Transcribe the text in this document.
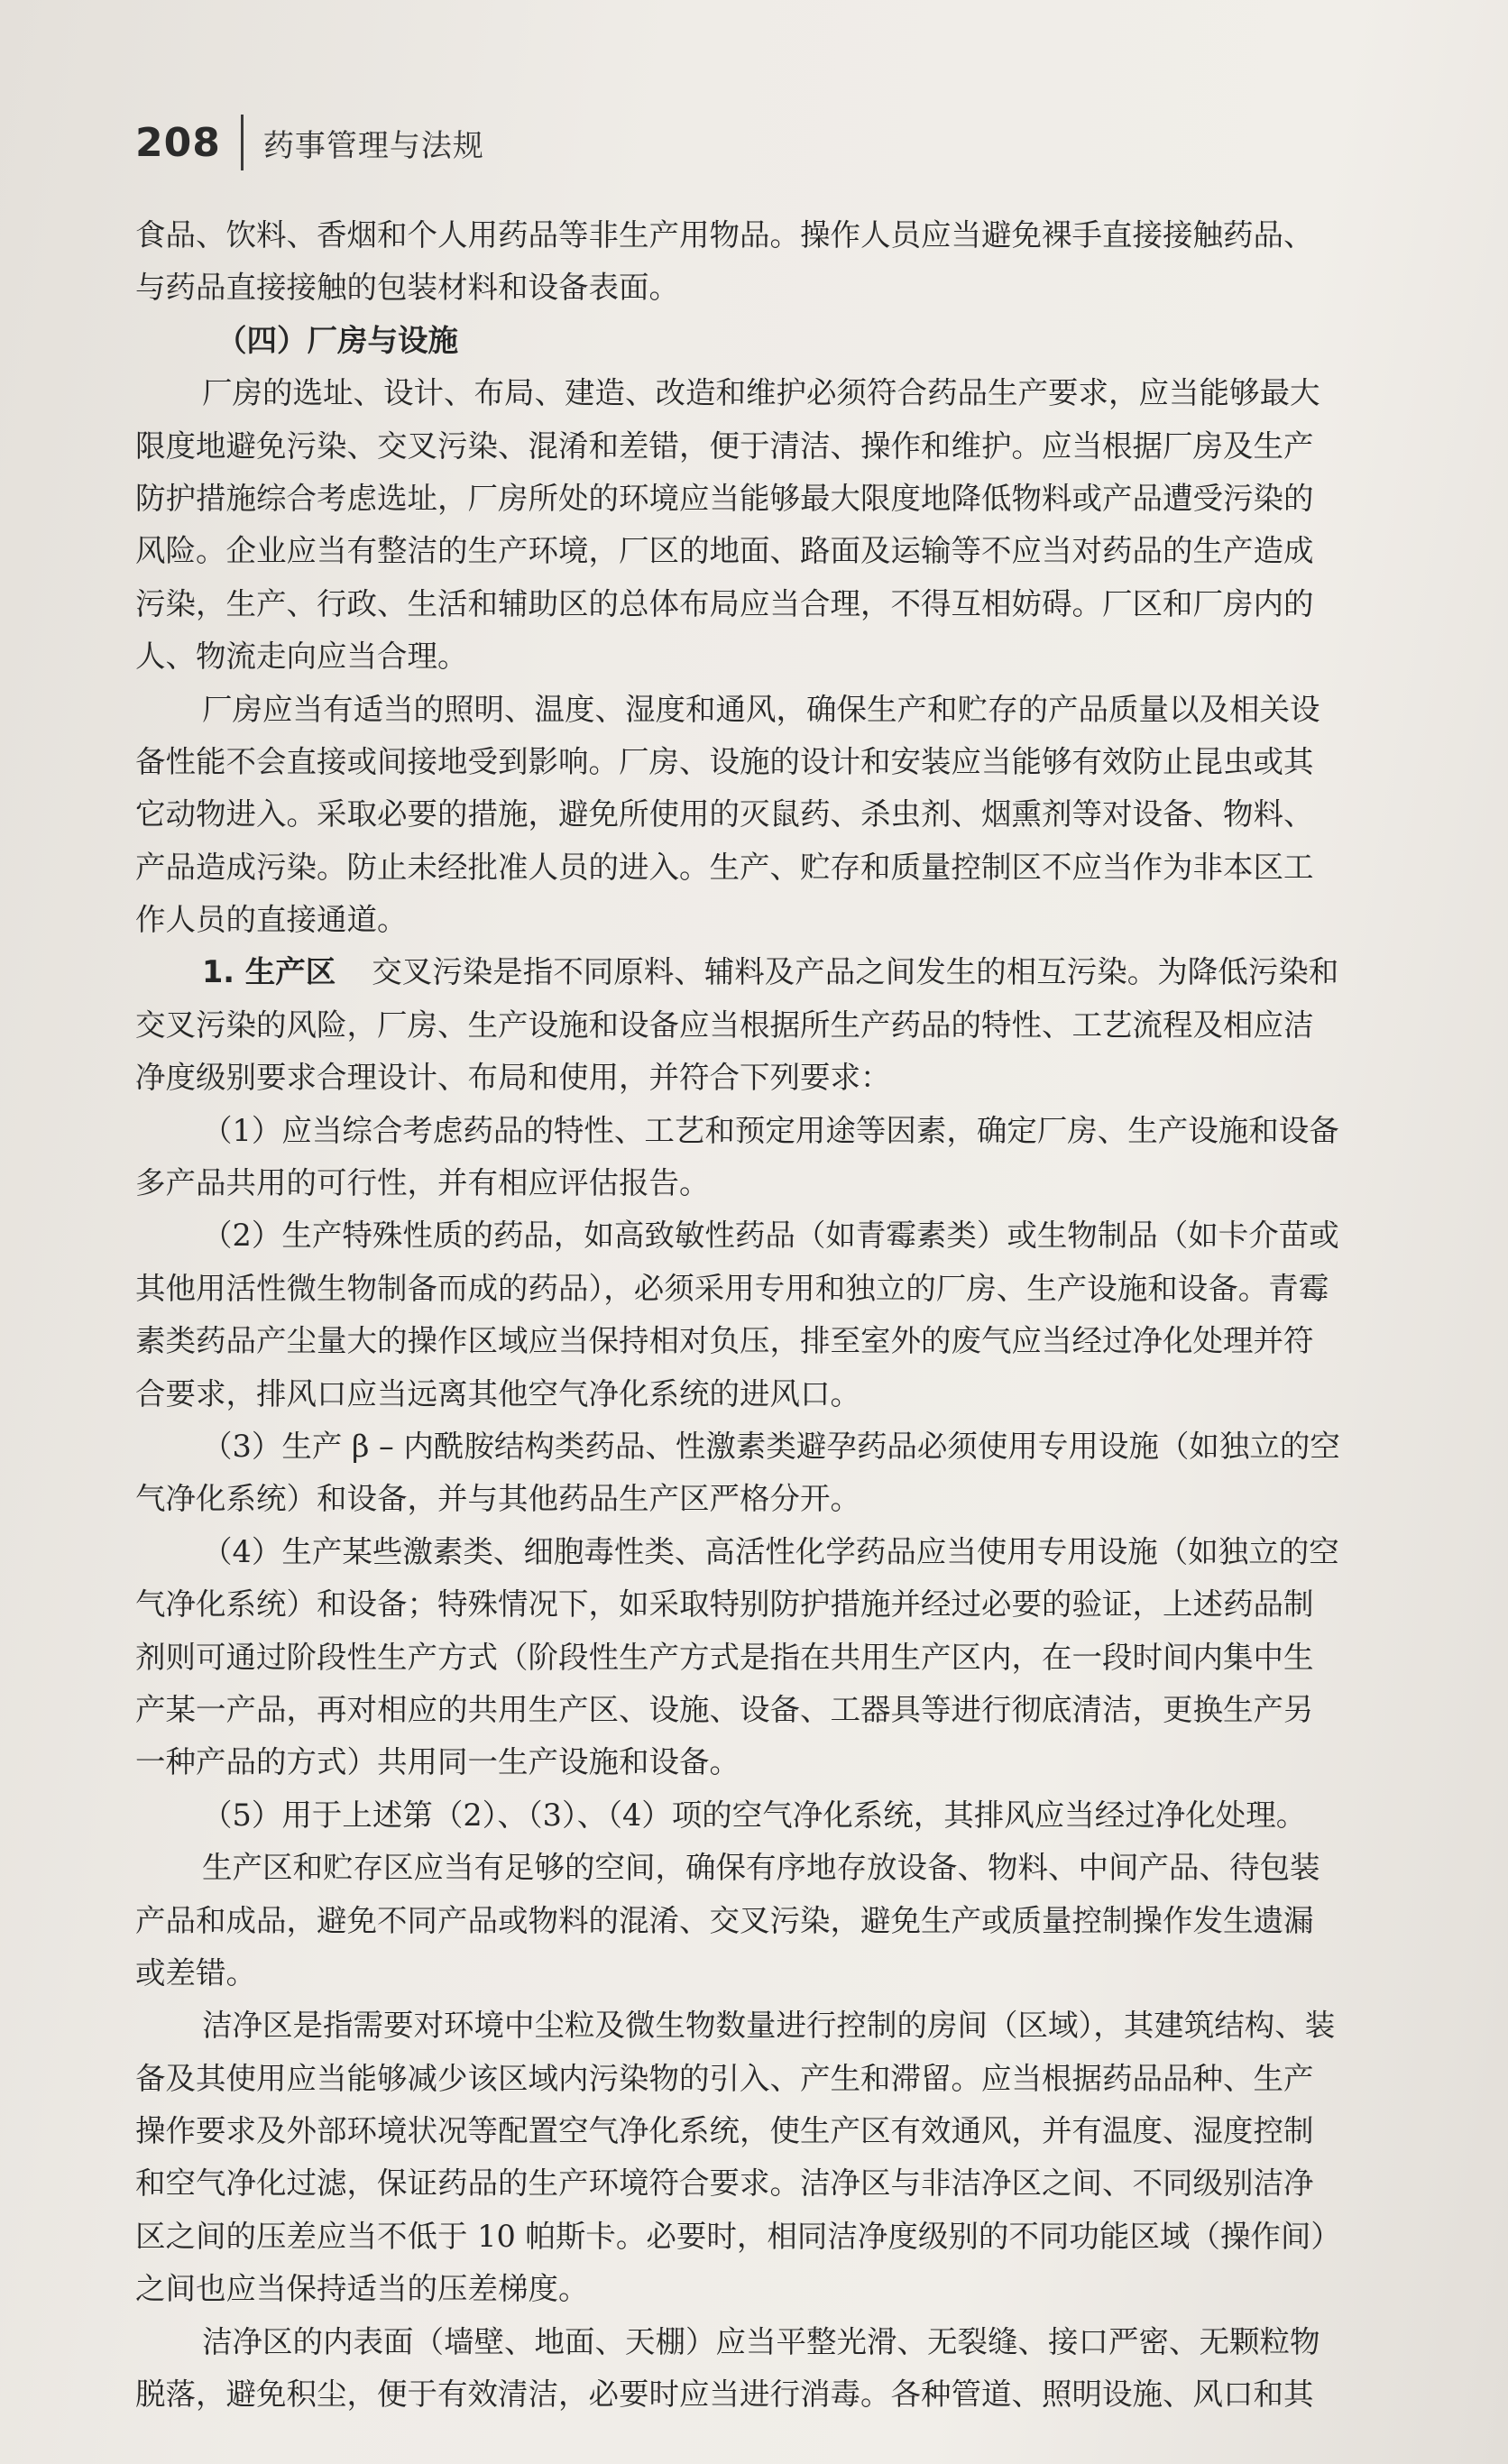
208 药事管理与法规
食品、饮料、香烟和个人用药品等非生产用物品。操作人员应当避免裸手直接接触药品、
与药品直接接触的包装材料和设备表面。
（四）厂房与设施
厂房的选址、设计、布局、建造、改造和维护必须符合药品生产要求，应当能够最大
限度地避免污染、交叉污染、混淆和差错，便于清洁、操作和维护。应当根据厂房及生产
防护措施综合考虑选址，厂房所处的环境应当能够最大限度地降低物料或产品遭受污染的
风险。企业应当有整洁的生产环境，厂区的地面、路面及运输等不应当对药品的生产造成
污染，生产、行政、生活和辅助区的总体布局应当合理，不得互相妨碍。厂区和厂房内的
人、物流走向应当合理。
厂房应当有适当的照明、温度、湿度和通风，确保生产和贮存的产品质量以及相关设
备性能不会直接或间接地受到影响。厂房、设施的设计和安装应当能够有效防止昆虫或其
它动物进入。采取必要的措施，避免所使用的灭鼠药、杀虫剂、烟熏剂等对设备、物料、
产品造成污染。防止未经批准人员的进入。生产、贮存和质量控制区不应当作为非本区工
作人员的直接通道。
1. 生产区 交叉污染是指不同原料、辅料及产品之间发生的相互污染。为降低污染和
交叉污染的风险，厂房、生产设施和设备应当根据所生产药品的特性、工艺流程及相应洁
净度级别要求合理设计、布局和使用，并符合下列要求：
（1）应当综合考虑药品的特性、工艺和预定用途等因素，确定厂房、生产设施和设备
多产品共用的可行性，并有相应评估报告。
（2）生产特殊性质的药品，如高致敏性药品（如青霉素类）或生物制品（如卡介苗或
其他用活性微生物制备而成的药品），必须采用专用和独立的厂房、生产设施和设备。青霉
素类药品产尘量大的操作区域应当保持相对负压，排至室外的废气应当经过净化处理并符
合要求，排风口应当远离其他空气净化系统的进风口。
（3）生产 β – 内酰胺结构类药品、性激素类避孕药品必须使用专用设施（如独立的空
气净化系统）和设备，并与其他药品生产区严格分开。
（4）生产某些激素类、细胞毒性类、高活性化学药品应当使用专用设施（如独立的空
气净化系统）和设备；特殊情况下，如采取特别防护措施并经过必要的验证，上述药品制
剂则可通过阶段性生产方式（阶段性生产方式是指在共用生产区内，在一段时间内集中生
产某一产品，再对相应的共用生产区、设施、设备、工器具等进行彻底清洁，更换生产另
一种产品的方式）共用同一生产设施和设备。
（5）用于上述第（2）、（3）、（4）项的空气净化系统，其排风应当经过净化处理。
生产区和贮存区应当有足够的空间，确保有序地存放设备、物料、中间产品、待包装
产品和成品，避免不同产品或物料的混淆、交叉污染，避免生产或质量控制操作发生遗漏
或差错。
洁净区是指需要对环境中尘粒及微生物数量进行控制的房间（区域），其建筑结构、装
备及其使用应当能够减少该区域内污染物的引入、产生和滞留。应当根据药品品种、生产
操作要求及外部环境状况等配置空气净化系统，使生产区有效通风，并有温度、湿度控制
和空气净化过滤，保证药品的生产环境符合要求。洁净区与非洁净区之间、不同级别洁净
区之间的压差应当不低于 10 帕斯卡。必要时，相同洁净度级别的不同功能区域（操作间）
之间也应当保持适当的压差梯度。
洁净区的内表面（墙壁、地面、天棚）应当平整光滑、无裂缝、接口严密、无颗粒物
脱落，避免积尘，便于有效清洁，必要时应当进行消毒。各种管道、照明设施、风口和其
